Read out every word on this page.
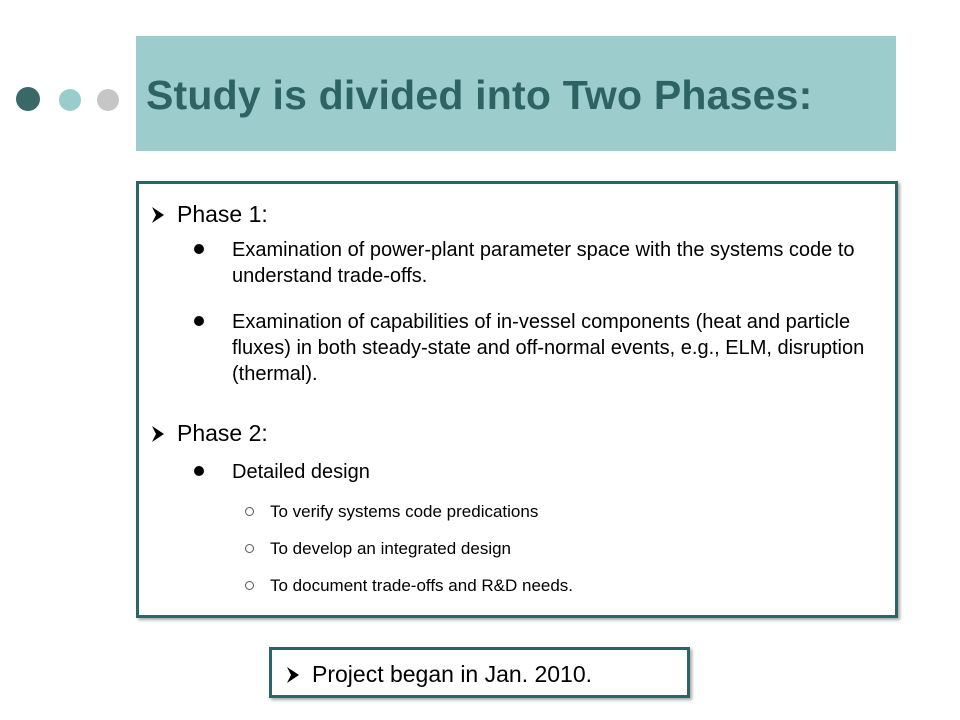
Study is divided into Two Phases:
Phase 1:
Examination of power-plant parameter space with the systems code to understand trade-offs.
Examination of capabilities of in-vessel components (heat and particle fluxes) in both steady-state and off-normal events, e.g., ELM, disruption (thermal).
Phase 2:
Detailed design
To verify systems code predications
To develop an integrated design
To document trade-offs and R&D needs.
Project began in Jan. 2010.
